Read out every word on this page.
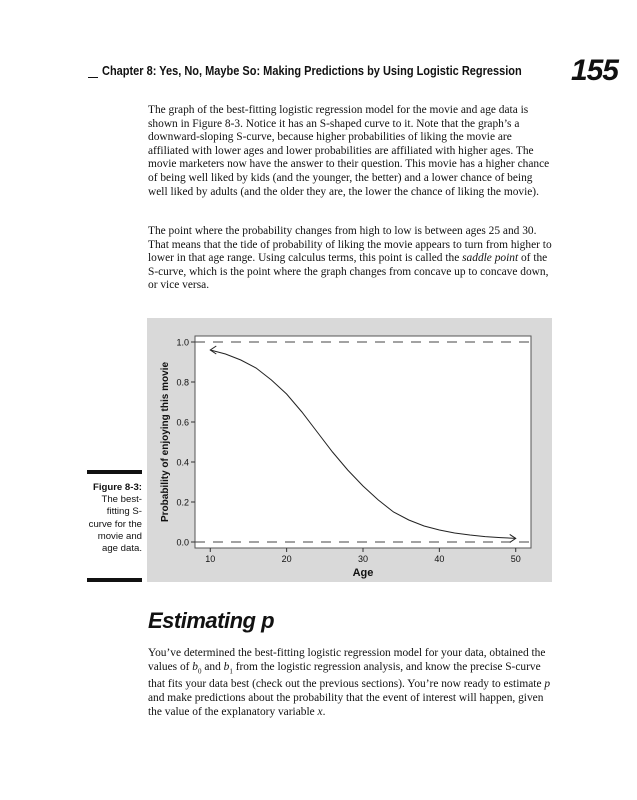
Chapter 8: Yes, No, Maybe So: Making Predictions by Using Logistic Regression 155

The graph of the best-fitting logistic regression model for the movie and age data is shown in Figure 8-3. Notice it has an S-shaped curve to it. Note that the graph’s a downward-sloping S-curve, because higher probabilities of liking the movie are affiliated with lower ages and lower probabilities are affiliated with higher ages. The movie marketers now have the answer to their question. This movie has a higher chance of being well liked by kids (and the younger, the better) and a lower chance of being well liked by adults (and the older they are, the lower the chance of liking the movie).

The point where the probability changes from high to low is between ages 25 and 30. That means that the tide of probability of liking the movie appears to turn from higher to lower in that age range. Using calculus terms, this point is called the saddle point of the S-curve, which is the point where the graph changes from concave up to concave down, or vice versa.

0.0
0.2
0.4
0.6
0.8
1.0
10	20	30	40	50
Age
Probability of enjoying this movie
Figure 8-3:
The best-fitting S-curve for the movie and age data.
Estimating p

You’ve determined the best-fitting logistic regression model for your data, obtained the values of $b_0$ and $b_1$ from the logistic regression analysis, and know the precise S-curve that fits your data best (check out the previous sections). You’re now ready to estimate p and make predictions about the probability that the event of interest will happen, given the value of the explanatory variable x.
